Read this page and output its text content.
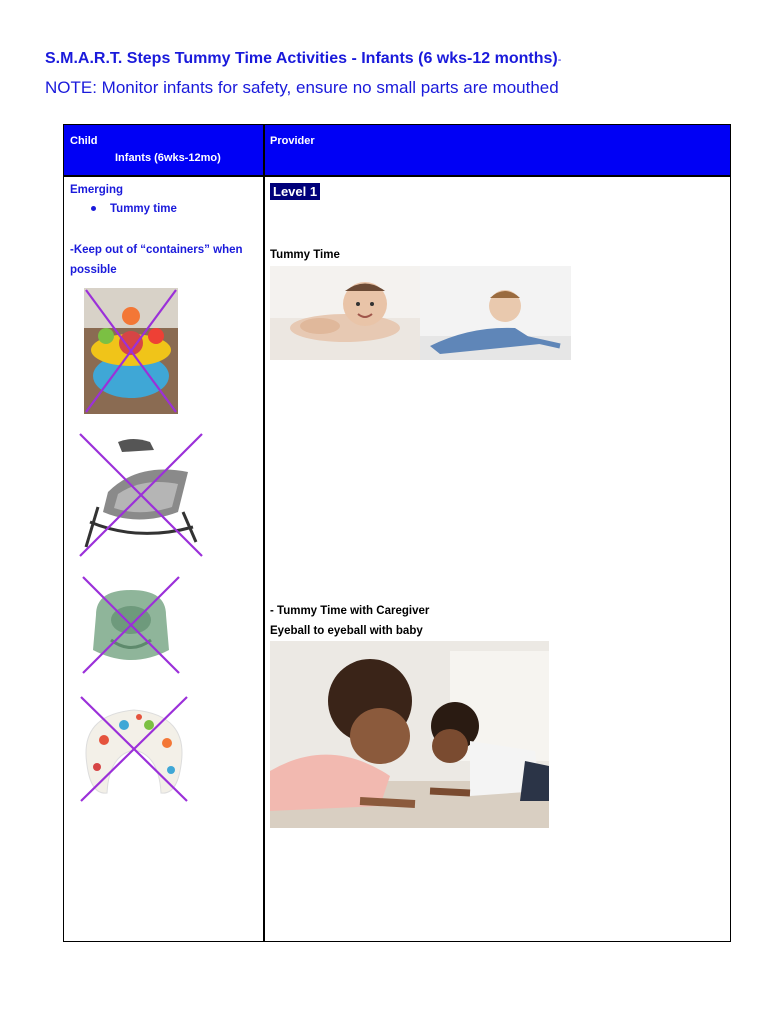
S.M.A.R.T. Steps Tummy Time Activities - Infants (6 wks-12 months)-
NOTE: Monitor infants for safety, ensure no small parts are mouthed
Child
Infants (6wks-12mo)
Provider
Emerging
Tummy time
-Keep out of “containers” when
possible
Level 1
Tummy Time
- Tummy Time with Caregiver
Eyeball to eyeball with baby
